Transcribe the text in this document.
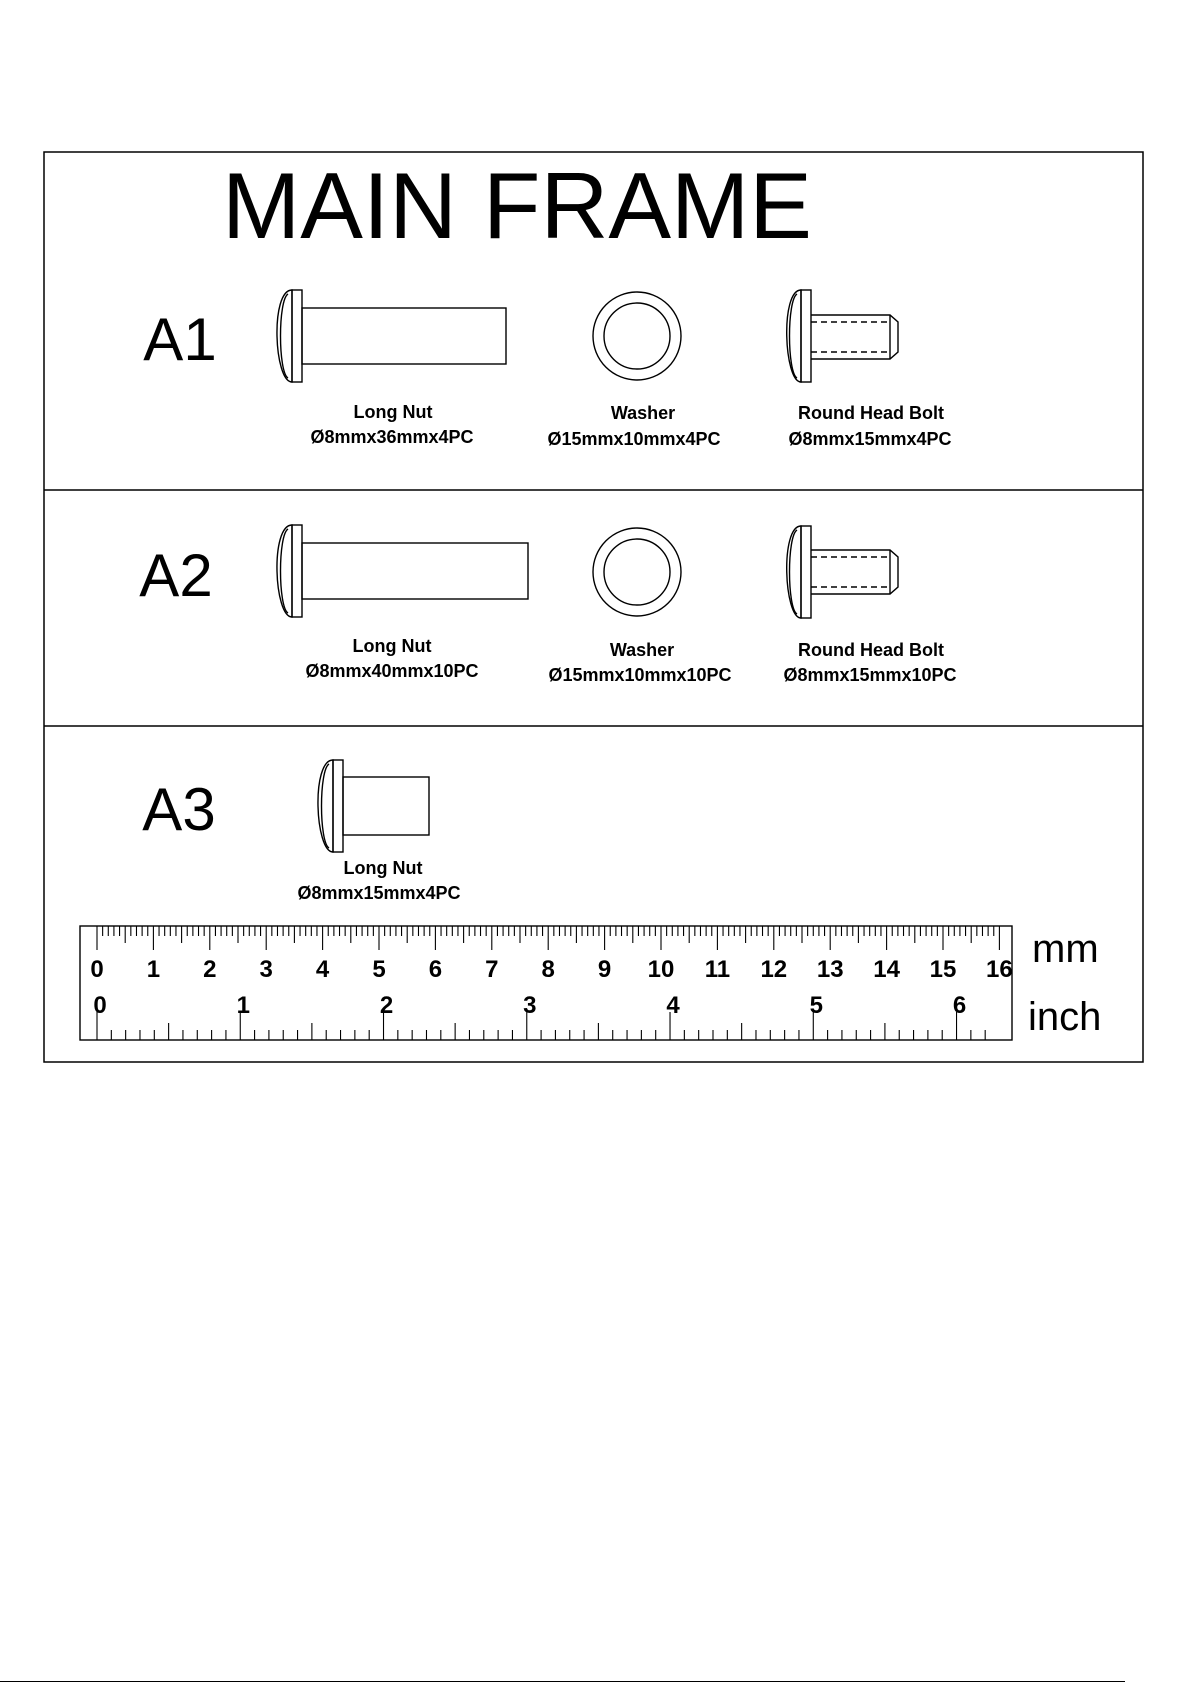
MAIN FRAME
A1
Long Nut
Ø8mmx36mmx4PC
Washer
Ø15mmx10mmx4PC
Round Head Bolt
Ø8mmx15mmx4PC
A2
Long Nut
Ø8mmx40mmx10PC
Washer
Ø15mmx10mmx10PC
Round Head Bolt
Ø8mmx15mmx10PC
A3
Long Nut
Ø8mmx15mmx4PC
0 1 2 3 4 5 6 7 8 9 10 11 12 13 14 15 16
0	1	2	3	4	5	6
mm
inch
